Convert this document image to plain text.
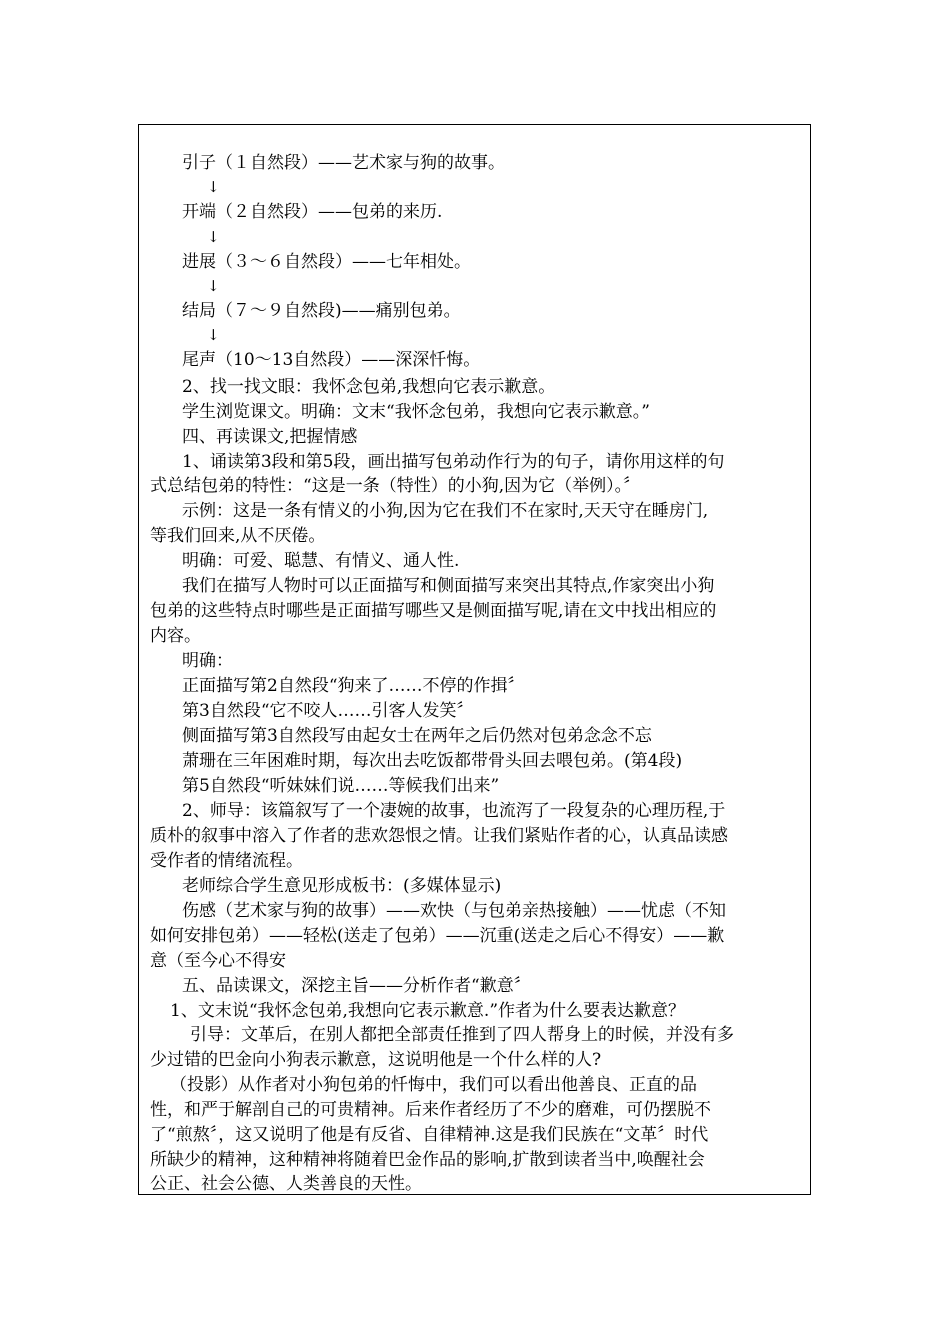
引子（１自然段）——艺术家与狗的故事。
↓
开端（２自然段）——包弟的来历.
↓
进展（３～６自然段）——七年相处。
↓
结局（７～９自然段)——痛别包弟。
↓
尾声（10～13自然段）——深深忏悔。
2、找一找文眼：我怀念包弟,我想向它表示歉意。
学生浏览课文。明确：文末“我怀念包弟，我想向它表示歉意。”
四、再读课文,把握情感
1、诵读第3段和第5段，画出描写包弟动作行为的句子，请你用这样的句
式总结包弟的特性：“这是一条（特性）的小狗,因为它（举例）。〞
示例：这是一条有情义的小狗,因为它在我们不在家时,天天守在睡房门,
等我们回来,从不厌倦。
明确：可爱、聪慧、有情义、通人性.
我们在描写人物时可以正面描写和侧面描写来突出其特点,作家突出小狗
包弟的这些特点时哪些是正面描写哪些又是侧面描写呢,请在文中找出相应的
内容。
明确：
正面描写第2自然段“狗来了……不停的作揖〞
第3自然段“它不咬人……引客人发笑〞
侧面描写第3自然段写由起女士在两年之后仍然对包弟念念不忘
萧珊在三年困难时期，每次出去吃饭都带骨头回去喂包弟。(第4段)
第5自然段“听妹妹们说……等候我们出来”
2、师导：该篇叙写了一个凄婉的故事，也流泻了一段复杂的心理历程,于
质朴的叙事中溶入了作者的悲欢怨恨之情。让我们紧贴作者的心，认真品读感
受作者的情绪流程。
老师综合学生意见形成板书：(多媒体显示)
伤感（艺术家与狗的故事）——欢快（与包弟亲热接触）——忧虑（不知
如何安排包弟）——轻松(送走了包弟）——沉重(送走之后心不得安）——歉
意（至今心不得安
五、品读课文，深挖主旨——分析作者“歉意〞
1、文末说“我怀念包弟,我想向它表示歉意.”作者为什么要表达歉意？
引导：文革后，在别人都把全部责任推到了四人帮身上的时候，并没有多
少过错的巴金向小狗表示歉意，这说明他是一个什么样的人?
（投影）从作者对小狗包弟的忏悔中，我们可以看出他善良、正直的品
性，和严于解剖自己的可贵精神。后来作者经历了不少的磨难，可仍摆脱不
了“煎熬〞，这又说明了他是有反省、自律精神.这是我们民族在“文革〞时代
所缺少的精神，这种精神将随着巴金作品的影响,扩散到读者当中,唤醒社会
公正、社会公德、人类善良的天性。
